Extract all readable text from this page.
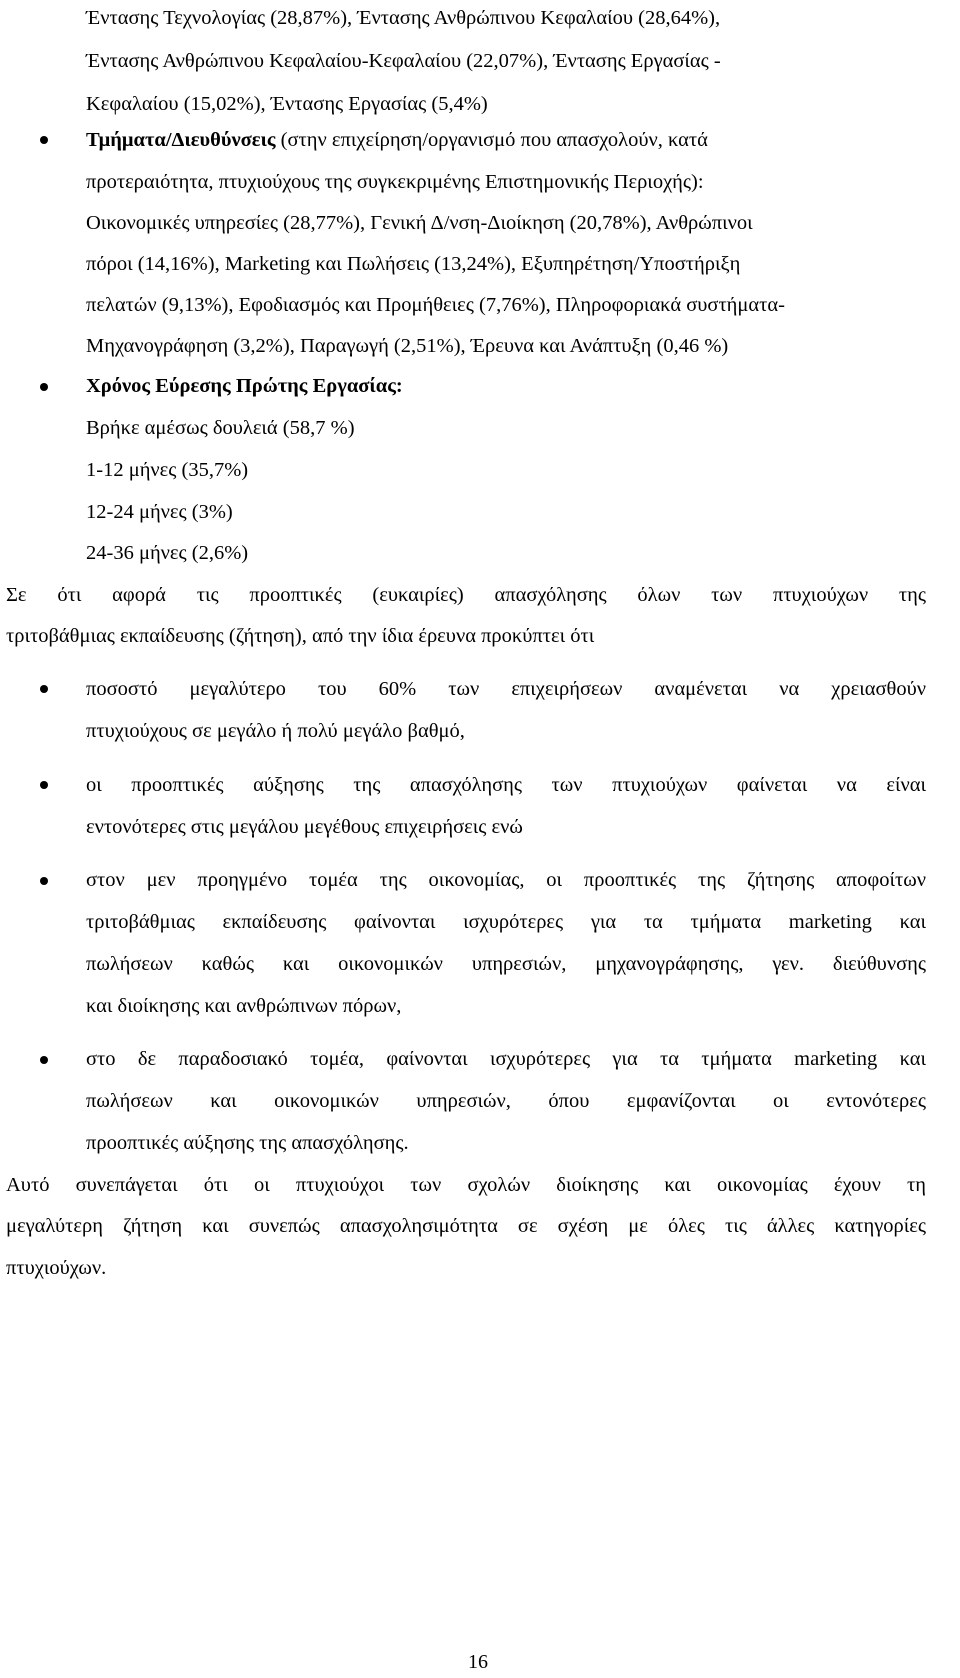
Έντασης Τεχνολογίας (28,87%), Έντασης Ανθρώπινου Κεφαλαίου (28,64%),
Έντασης Ανθρώπινου Κεφαλαίου-Κεφαλαίου (22,07%), Έντασης Εργασίας -
Κεφαλαίου (15,02%), Έντασης Εργασίας (5,4%)
Τμήματα/Διευθύνσεις (στην επιχείρηση/οργανισμό που απασχολούν, κατά
προτεραιότητα, πτυχιούχους της συγκεκριμένης Επιστημονικής Περιοχής):
Οικονομικές υπηρεσίες (28,77%), Γενική Δ/νση-Διοίκηση (20,78%), Ανθρώπινοι
πόροι (14,16%), Marketing και Πωλήσεις (13,24%), Εξυπηρέτηση/Υποστήριξη
πελατών (9,13%), Εφοδιασμός και Προμήθειες (7,76%), Πληροφοριακά συστήματα-
Μηχανογράφηση (3,2%), Παραγωγή (2,51%), Έρευνα και Ανάπτυξη (0,46 %)
Χρόνος Εύρεσης Πρώτης Εργασίας:
Βρήκε αμέσως δουλειά (58,7 %)
1-12 μήνες (35,7%)
12-24 μήνες (3%)
24-36 μήνες (2,6%)
Σε ότι αφορά τις προοπτικές (ευκαιρίες) απασχόλησης όλων των πτυχιούχων της
τριτοβάθμιας εκπαίδευσης (ζήτηση), από την ίδια έρευνα προκύπτει ότι
ποσοστό μεγαλύτερο του 60% των επιχειρήσεων αναμένεται να χρειασθούν
πτυχιούχους σε μεγάλο ή πολύ μεγάλο βαθμό,
οι προοπτικές αύξησης της απασχόλησης των πτυχιούχων φαίνεται να είναι
εντονότερες στις μεγάλου μεγέθους επιχειρήσεις ενώ
στον μεν προηγμένο τομέα της οικονομίας, οι προοπτικές της ζήτησης αποφοίτων
τριτοβάθμιας εκπαίδευσης φαίνονται ισχυρότερες για τα τμήματα marketing και
πωλήσεων καθώς και οικονομικών υπηρεσιών, μηχανογράφησης, γεν. διεύθυνσης
και διοίκησης και ανθρώπινων πόρων,
στο δε παραδοσιακό τομέα, φαίνονται ισχυρότερες για τα τμήματα marketing και
πωλήσεων και οικονομικών υπηρεσιών, όπου εμφανίζονται οι εντονότερες
προοπτικές αύξησης της απασχόλησης.
Αυτό συνεπάγεται ότι οι πτυχιούχοι των σχολών διοίκησης και οικονομίας έχουν τη
μεγαλύτερη ζήτηση και συνεπώς απασχολησιμότητα σε σχέση με όλες τις άλλες κατηγορίες
πτυχιούχων.
16
